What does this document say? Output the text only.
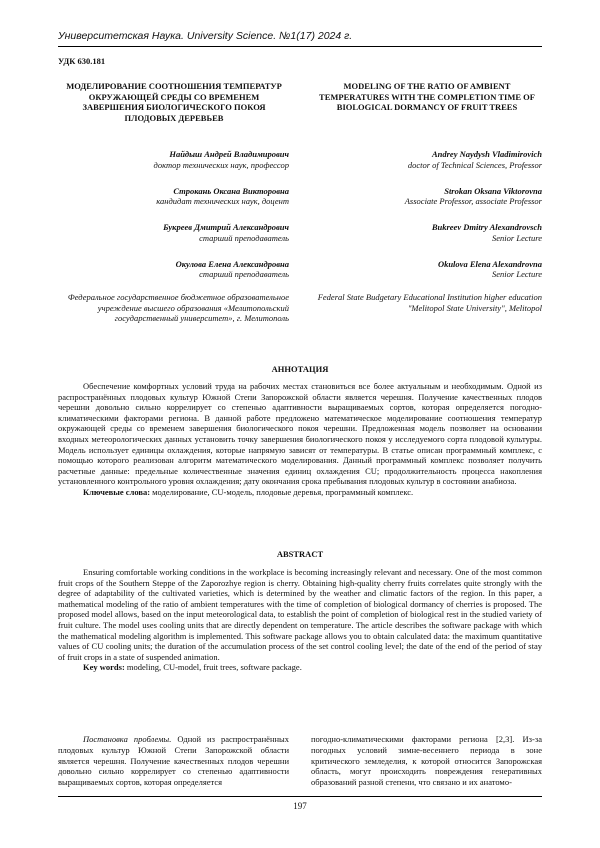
Университетская Наука. University Science. №1(17) 2024 г.
УДК 630.181
МОДЕЛИРОВАНИЕ СООТНОШЕНИЯ ТЕМПЕРАТУР ОКРУЖАЮЩЕЙ СРЕДЫ СО ВРЕМЕНЕМ ЗАВЕРШЕНИЯ БИОЛОГИЧЕСКОГО ПОКОЯ ПЛОДОВЫХ ДЕРЕВЬЕВ
MODELING OF THE RATIO OF AMBIENT TEMPERATURES WITH THE COMPLETION TIME OF BIOLOGICAL DORMANCY OF FRUIT TREES
Найдыш Андрей Владимирович
доктор технических наук, профессор
Строкань Оксана Викторовна
кандидат технических наук, доцент
Букреев Дмитрий Александрович
старший преподаватель
Окулова Елена Александровна
старший преподаватель
Andrey Naydysh Vladimirovich
doctor of Technical Sciences, Professor
Strokan Oksana Viktorovna
Associate Professor, associate Professor
Bukreev Dmitry Alexandrovsch
Senior Lecture
Okulova Elena Alexandrovna
Senior Lecture
Федеральное государственное бюджетное образовательное учреждение высшего образования «Мелитопольский государственный университет», г. Мелитополь
Federal State Budgetary Educational Institution higher education "Melitopol State University", Melitopol
АННОТАЦИЯ

Обеспечение комфортных условий труда на рабочих местах становиться все более актуальным и необходимым. Одной из распространённых плодовых культур Южной Степи Запорожской области является черешня. Получение качественных плодов черешни довольно сильно коррелирует со степенью адаптивности выращиваемых сортов, которая определяется погодно-климатическими факторами региона. В данной работе предложено математическое моделирование соотношения температур окружающей среды со временем завершения биологического покоя черешни. Предложенная модель позволяет на основании входных метеорологических данных установить точку завершения биологического покоя у исследуемого сорта плодовой культуры. Модель использует единицы охлаждения, которые напрямую зависят от температуры. В статье описан программный комплекс, с помощью которого реализован алгоритм математического моделирования. Данный программный комплекс позволяет получить расчетные данные: предельные количественные значения единиц охлаждения CU; продолжительность процесса накопления установленного контрольного уровня охлаждения; дату окончания срока пребывания плодовых культур в состоянии анабиоза.

Ключевые слова: моделирование, CU-модель, плодовые деревья, программный комплекс.

ABSTRACT

Ensuring comfortable working conditions in the workplace is becoming increasingly relevant and necessary. One of the most common fruit crops of the Southern Steppe of the Zaporozhye region is cherry. Obtaining high-quality cherry fruits correlates quite strongly with the degree of adaptability of the cultivated varieties, which is determined by the weather and climatic factors of the region. In this paper, a mathematical modeling of the ratio of ambient temperatures with the time of completion of biological dormancy of cherries is proposed. The proposed model allows, based on the input meteorological data, to establish the point of completion of biological rest in the studied variety of fruit culture. The model uses cooling units that are directly dependent on temperature. The article describes the software package with which the mathematical modeling algorithm is implemented. This software package allows you to obtain calculated data: the maximum quantitative values of CU cooling units; the duration of the accumulation process of the set control cooling level; the date of the end of the period of stay of fruit crops in a state of suspended animation.

Key words: modeling, CU-model, fruit trees, software package.

Постановка проблемы. Одной из распространённых плодовых культур Южной Степи Запорожской области является черешня. Получение качественных плодов черешни довольно сильно коррелирует со степенью адаптивности выращиваемых сортов, которая определяется

погодно-климатическими факторами региона [2,3]. Из-за погодных условий зимне-весеннего периода в зоне критического земледелия, к которой относится Запорожская область, могут происходить повреждения генеративных образований разной степени, что связано и их анатомо-

197
